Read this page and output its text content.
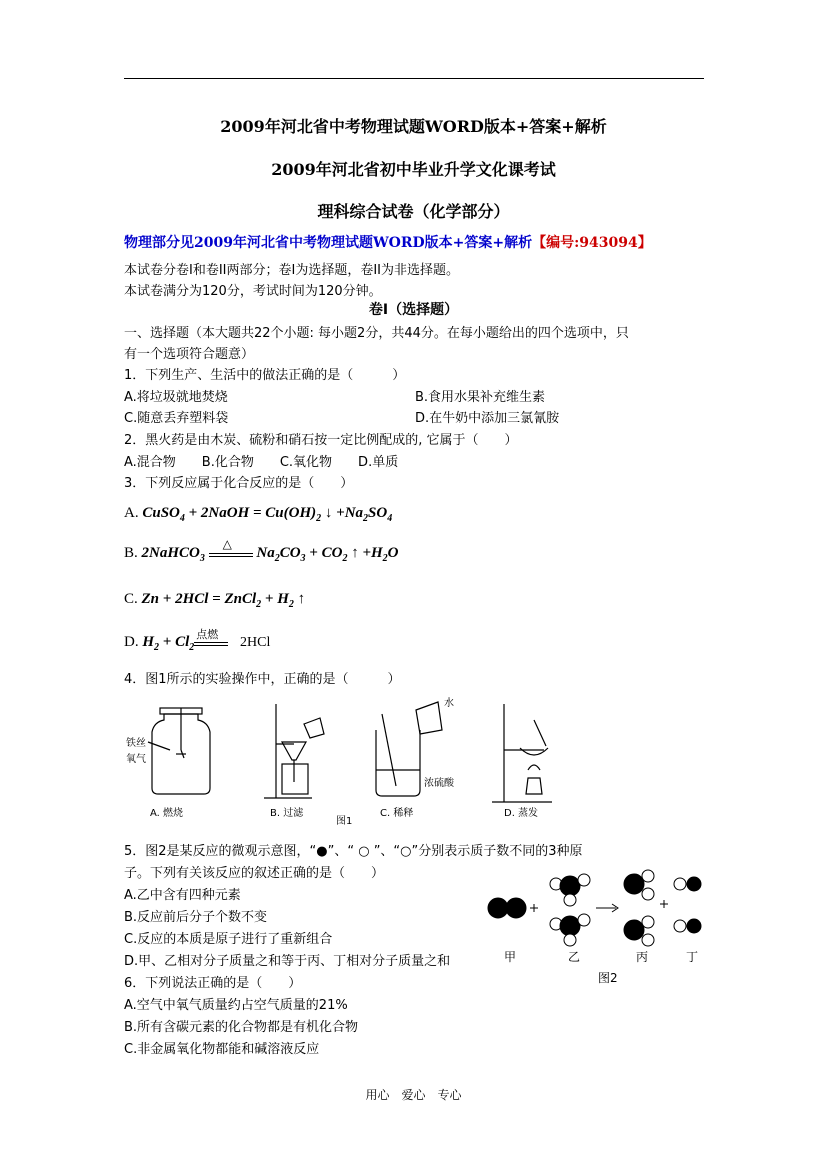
2009年河北省中考物理试题WORD版本+答案+解析
2009年河北省初中毕业升学文化课考试
理科综合试卷（化学部分）
物理部分见2009年河北省中考物理试题WORD版本+答案+解析【编号:943094】
本试卷分卷I和卷II两部分；卷I为选择题，卷II为非选择题。
本试卷满分为120分，考试时间为120分钟。
卷I（选择题）
一、选择题（本大题共22个小题: 每小题2分，共44分。在每小题给出的四个选项中，只
有一个选项符合题意）
1．下列生产、生活中的做法正确的是（　　　）
A.将垃圾就地焚烧	B.食用水果补充维生素
C.随意丢弃塑料袋	D.在牛奶中添加三氯氰胺
2．黑火药是由木炭、硫粉和硝石按一定比例配成的, 它属于（　　）
A.混合物　　B.化合物　　C.氧化物　　D.单质
3．下列反应属于化合反应的是（　　）
A. CuSO$_4$ + 2NaOH = $Cu(OH)_2$ ↓ $+Na_2SO_4$
B. 2NaHCO$_3$
△
$Na_2CO_3 + CO_2$ ↑ $+H_2O$
C. Zn + 2HCl = ZnCl$_2$ + $H_2$ ↑
D. $H_2 + Cl_2$
点燃
2HCl
4．图1所示的实验操作中，正确的是（　　　）
铁丝
氧气
水
浓硫酸
A. 燃烧	B. 过滤	C. 稀释	D. 蒸发
图1
5．图2是某反应的微观示意图，“●”、“ ○ ”、“○”分别表示质子数不同的3种原
子。下列有关该反应的叙述正确的是（　　）
A.乙中含有四种元素
B.反应前后分子个数不变
C.反应的本质是原子进行了重新组合
D.甲、乙相对分子质量之和等于丙、丁相对分子质量之和	甲	乙	丙	丁
图2
6．下列说法正确的是（　　）
A.空气中氧气质量约占空气质量的21%
B.所有含碳元素的化合物都是有机化合物
C.非金属氧化物都能和碱溶液反应
用心　爱心　专心
